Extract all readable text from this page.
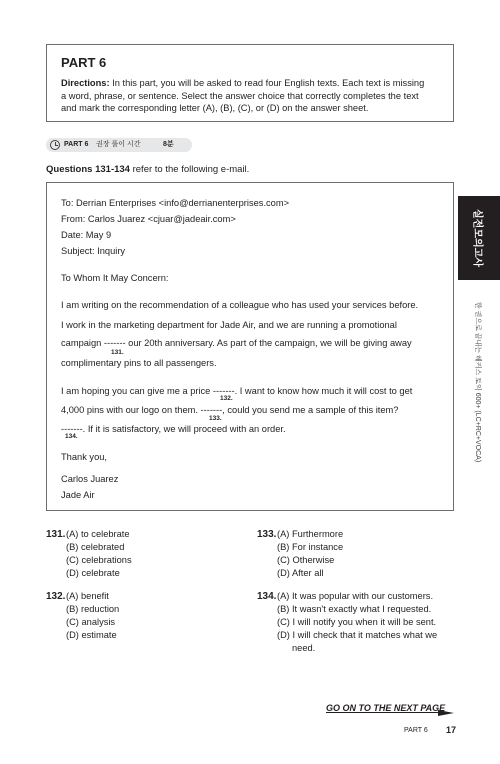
PART 6

Directions: In this part, you will be asked to read four English texts. Each text is missing
a word, phrase, or sentence. Select the answer choice that correctly completes the text
and mark the corresponding letter (A), (B), (C), or (D) on the answer sheet.

PART 6 권장 풀이 시간	8분
Questions 131-134 refer to the following e-mail.
To: Derrian Enterprises <info@derrianenterprises.com>
From: Carlos Juarez <cjuar@jadeair.com>
Date: May 9
Subject: Inquiry
To Whom It May Concern:
I am writing on the recommendation of a colleague who has used your services before.
I work in the marketing department for Jade Air, and we are running a promotional
campaign ------- our 20th anniversary. As part of the campaign, we will be giving away
131.
complimentary pins to all passengers.
I am hoping you can give me a price -------. I want to know how much it will cost to get
132.
4,000 pins with our logo on them. -------, could you send me a sample of this item?
133.
-------. If it is satisfactory, we will proceed with an order.
134.
Thank you,
Carlos Juarez
Jade Air
실전모의고사
한 권으로 끝내는 해커스 토익 600+ (LC+RC+VOCA)
131. (A) to celebrate
(B) celebrated
(C) celebrations
(D) celebrate
132. (A) benefit
(B) reduction
(C) analysis
(D) estimate
133. (A) Furthermore
(B) For instance
(C) Otherwise
(D) After all
134. (A) It was popular with our customers.
(B) It wasn't exactly what I requested.
(C) I will notify you when it will be sent.
(D) I will check that it matches what we
need.
GO ON TO THE NEXT PAGE
PART 6 17
